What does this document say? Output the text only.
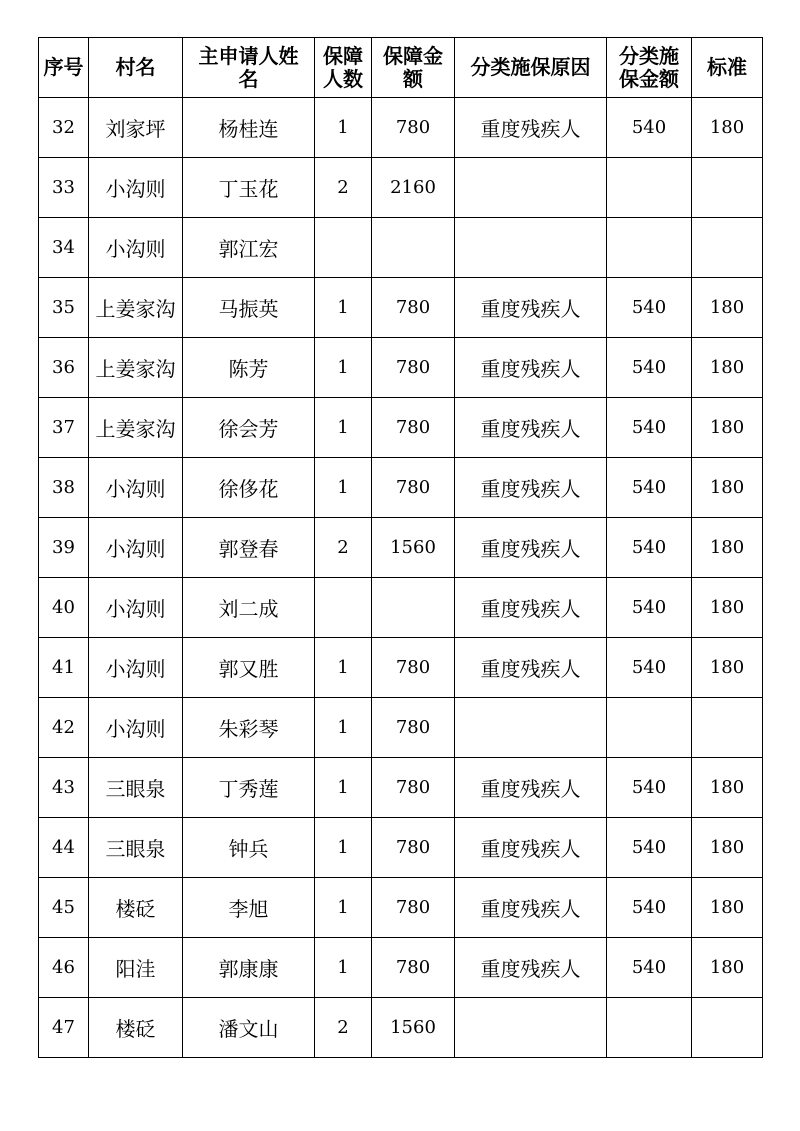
序号	村名	主申请人姓名	保障人数	保障金额	分类施保原因	分类施保金额	标准
32	刘家坪	杨桂连	1	780	重度残疾人	540	180
33	小沟则	丁玉花	2	2160			
34	小沟则	郭江宏					
35	上姜家沟	马振英	1	780	重度残疾人	540	180
36	上姜家沟	陈芳	1	780	重度残疾人	540	180
37	上姜家沟	徐会芳	1	780	重度残疾人	540	180
38	小沟则	徐侈花	1	780	重度残疾人	540	180
39	小沟则	郭登春	2	1560	重度残疾人	540	180
40	小沟则	刘二成			重度残疾人	540	180
41	小沟则	郭又胜	1	780	重度残疾人	540	180
42	小沟则	朱彩琴	1	780			
43	三眼泉	丁秀莲	1	780	重度残疾人	540	180
44	三眼泉	钟兵	1	780	重度残疾人	540	180
45	楼砭	李旭	1	780	重度残疾人	540	180
46	阳洼	郭康康	1	780	重度残疾人	540	180
47	楼砭	潘文山	2	1560			
